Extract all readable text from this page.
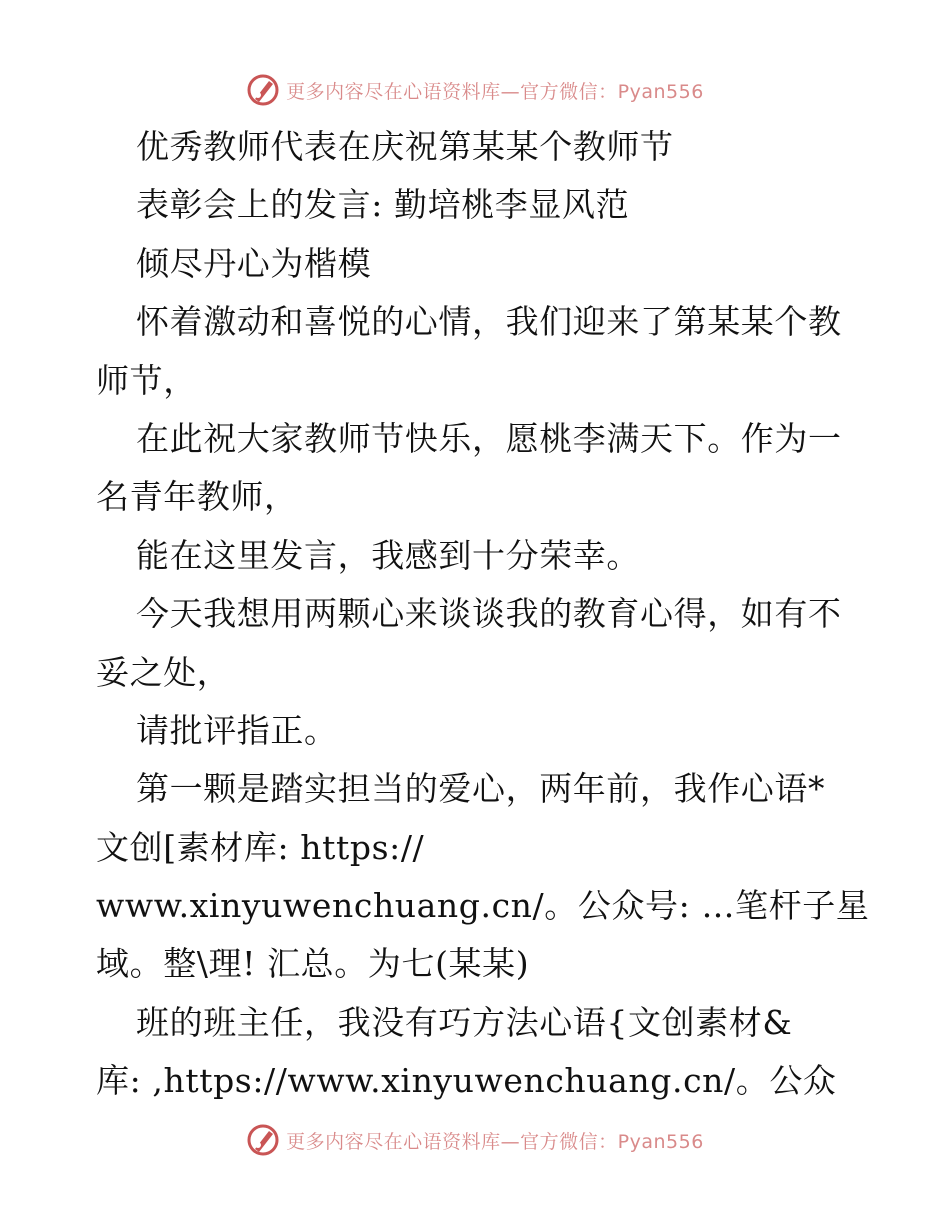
更多内容尽在心语资料库—官方微信：Pyan556
优秀教师代表在庆祝第某某个教师节
表彰会上的发言: 勤培桃李显风范
倾尽丹心为楷模
怀着激动和喜悦的心情，我们迎来了第某某个教
师节，
在此祝大家教师节快乐，愿桃李满天下。作为一
名青年教师，
能在这里发言，我感到十分荣幸。
今天我想用两颗心来谈谈我的教育心得，如有不
妥之处，
请批评指正。
第一颗是踏实担当的爱心，两年前，我作心语*
文创[素材库: https://
www.xinyuwenchuang.cn/。公众号: …笔杆子星
域。整\理! 汇总。为七(某某)
班的班主任，我没有巧方法心语{文创素材&
库: ,https://www.xinyuwenchuang.cn/。公众
更多内容尽在心语资料库—官方微信：Pyan556
